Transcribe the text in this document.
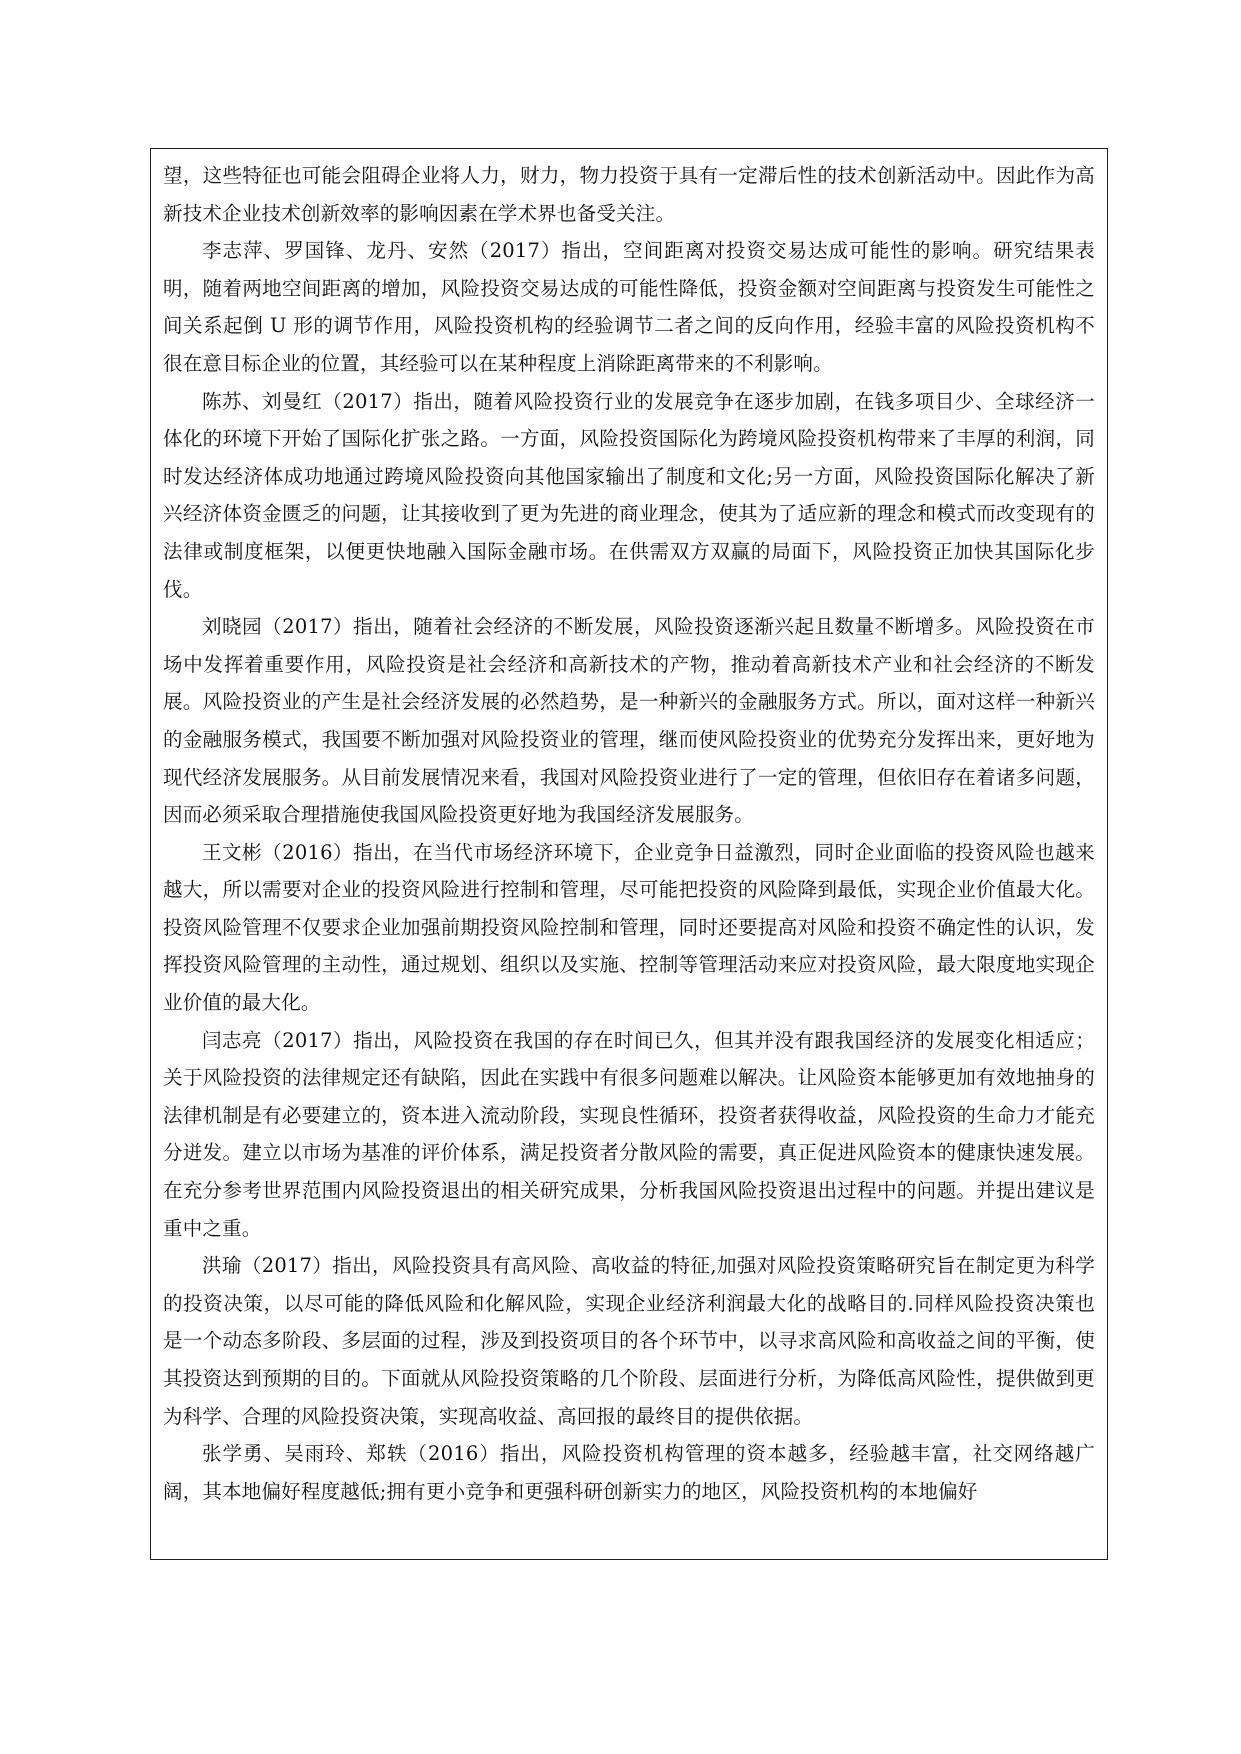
望，这些特征也可能会阻碍企业将人力，财力，物力投资于具有一定滞后性的技术创新活动中。因此作为高新技术企业技术创新效率的影响因素在学术界也备受关注。

李志萍、罗国锋、龙丹、安然（2017）指出，空间距离对投资交易达成可能性的影响。研究结果表明，随着两地空间距离的增加，风险投资交易达成的可能性降低，投资金额对空间距离与投资发生可能性之间关系起倒 U 形的调节作用，风险投资机构的经验调节二者之间的反向作用，经验丰富的风险投资机构不很在意目标企业的位置，其经验可以在某种程度上消除距离带来的不利影响。

陈苏、刘曼红（2017）指出，随着风险投资行业的发展竞争在逐步加剧，在钱多项目少、全球经济一体化的环境下开始了国际化扩张之路。一方面，风险投资国际化为跨境风险投资机构带来了丰厚的利润，同时发达经济体成功地通过跨境风险投资向其他国家输出了制度和文化;另一方面，风险投资国际化解决了新兴经济体资金匮乏的问题，让其接收到了更为先进的商业理念，使其为了适应新的理念和模式而改变现有的法律或制度框架，以便更快地融入国际金融市场。在供需双方双赢的局面下，风险投资正加快其国际化步伐。

刘晓园（2017）指出，随着社会经济的不断发展，风险投资逐渐兴起且数量不断增多。风险投资在市场中发挥着重要作用，风险投资是社会经济和高新技术的产物，推动着高新技术产业和社会经济的不断发展。风险投资业的产生是社会经济发展的必然趋势，是一种新兴的金融服务方式。所以，面对这样一种新兴的金融服务模式，我国要不断加强对风险投资业的管理，继而使风险投资业的优势充分发挥出来，更好地为现代经济发展服务。从目前发展情况来看，我国对风险投资业进行了一定的管理，但依旧存在着诸多问题，因而必须采取合理措施使我国风险投资更好地为我国经济发展服务。

王文彬（2016）指出，在当代市场经济环境下，企业竞争日益激烈，同时企业面临的投资风险也越来越大，所以需要对企业的投资风险进行控制和管理，尽可能把投资的风险降到最低，实现企业价值最大化。投资风险管理不仅要求企业加强前期投资风险控制和管理，同时还要提高对风险和投资不确定性的认识，发挥投资风险管理的主动性，通过规划、组织以及实施、控制等管理活动来应对投资风险，最大限度地实现企业价值的最大化。

闫志亮（2017）指出，风险投资在我国的存在时间已久，但其并没有跟我国经济的发展变化相适应；关于风险投资的法律规定还有缺陷，因此在实践中有很多问题难以解决。让风险资本能够更加有效地抽身的法律机制是有必要建立的，资本进入流动阶段，实现良性循环，投资者获得收益，风险投资的生命力才能充分迸发。建立以市场为基准的评价体系，满足投资者分散风险的需要，真正促进风险资本的健康快速发展。在充分参考世界范围内风险投资退出的相关研究成果，分析我国风险投资退出过程中的问题。并提出建议是重中之重。

洪瑜（2017）指出，风险投资具有高风险、高收益的特征,加强对风险投资策略研究旨在制定更为科学的投资决策，以尽可能的降低风险和化解风险，实现企业经济利润最大化的战略目的.同样风险投资决策也是一个动态多阶段、多层面的过程，涉及到投资项目的各个环节中，以寻求高风险和高收益之间的平衡，使其投资达到预期的目的。下面就从风险投资策略的几个阶段、层面进行分析，为降低高风险性，提供做到更为科学、合理的风险投资决策，实现高收益、高回报的最终目的提供依据。

张学勇、吴雨玲、郑轶（2016）指出，风险投资机构管理的资本越多，经验越丰富，社交网络越广阔，其本地偏好程度越低;拥有更小竞争和更强科研创新实力的地区，风险投资机构的本地偏好
